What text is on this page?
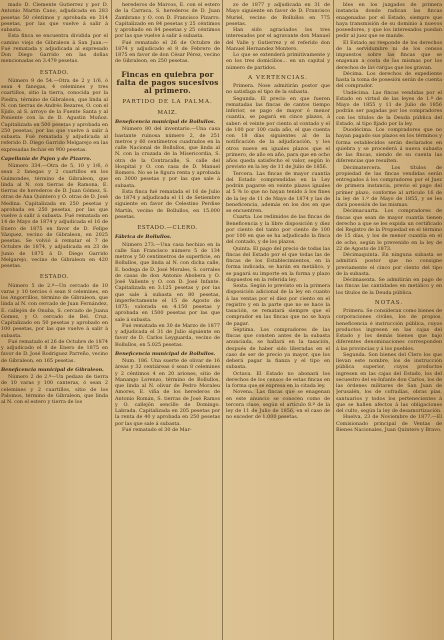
mado D. Clemente Gutierrez y por D. Antonio Martin Cano, adjudicada en 283 pesetas 50 céntimos y aprobada en 314 pesetas, por las que vuelve á salir á subasta.

Esta finca se encuentra dividida por el camino viejo de Gibraleon á San Juan.—Fué rematada y adjudicada al expresado Don Diego Garrido en las doñas mencionadas en 3.479 pesetas.

ESTADO.

Número 9 de 54.—Otra de 2 y 1/6, ó sean 4 fanegas, 4 celemines y tres cuartillos, sitio la tierra, conocida por la Piedra, término de Gibraleon, que linda al N. con tierras de Andrés Bezares, O. con el Ejido, al S. arroyo de la Fuente Santa y al Poniente con la de D. Agustin Muñoz. Capitalizada en 500 pesetas y aprobada en 250 pesetas, por las que vuelve á salir á subasta. Fué rematada y adjudicada al referido D. Diego Garrido Melgarejo en las expresadas fechas en 900 pesetas.

Capellanía de Pajon y de Pizarro.

Número 334.—Otra de 5, 10 y 1/6, ó sean 2 fanegas y 2 cuartillos en los Guimondes, término de Gibraleon, que linda al N. con tierras de Ramona, E. tierras de herederos de D. Juan Gómez, S. otras de Ana Quintero y O. otras de D. José Medina. Capitalizada en 250 pesetas y aprobada en 250 pesetas, por las que vuelve á salir á subasta. Fué rematada en 14 de Mayo de 1874 y adjudicada el 16 de Enero de 1875 en favor de D. Felipe Vázquez, vecino de Gibraleon, en 2025 pesetas. Se volvió á rematar el 7 de Octubre de 1874, y adjudicada en 23 de Junio de 1875 á D. Diego Garrido Melgarejo, vecino de Gibraleon en 420 pesetas.

ESTADO.

Número 5 de 2.º—Un cercado de 10 varas y 10 tercios ó sean 8 celemines, en los Angorrillos, término de Gibraleon, que linda al N. con cercado de Juan Fernández, E. callejón de Onuba, S. cercado de Juana Gomez, y O. cercado de Bel. Cruz. Capitalizado en 50 pesetas y aprobado en 100 pesetas, por las que vuelve á salir á subasta.

Fué rematado el 26 de Octubre de 1874 y adjudicado el 8 de Enero de 1875 en favor de D. José Rodriguez Parreño, vecino de Gibraleon, en 165 pesetas.

Beneficencia municipal de Gibraleon.

Número 2 de 2.º—Un pedazo de tierra de 10 varas y 100 canteras, ó sean 2 celemines y 2 cuartillos, sitio de los Palomos, término de Gibraleon, que linda al N. con el estero y tierra de los

herederos de Marcos, E. con el estero de la Carraca, S. herederos de D. Juan Zambrano y O. con D. Francisco Pizarro. Capitalizado en 84 pesetas y 25 céntimos y aprobado en 84 pesetas y 25 céntimos por las que vuelve á salir á subasta.

Fué rematado el 26 de Octubre de 1874 y adjudicado el 8 de Febrero de 1875 en favor de don César Pérez, vecino de Gibraleon, en 250 pesetas.

Fincas en quiebra por falta de pagos sucesivos al primero.

PARTIDO DE LA PALMA.

MAIZ.

Beneficencia municipal de Bollullos.

Número 80 del inventario.—Una casa bastante ruinosa número 2, de 251 metros y 60 centímetros cuadrados en la calle Nacional de Bollullos, que linda al N. con la cruzada de la Misericordia, S. otra de la Contracalle, S. calle del Hospital y O. con casa de D. Manuel Romero. No se le figura renta y aprobada en 3000 pesetas y por las que sale á subasta.

Esta finca fué rematada el 16 de Julio de 1874 y adjudicada el 11 de Setiembre siguiente en favor de Celestino Perdise Martín, vecino de Bollullos, en 15.000 pesetas.

ESTADO.—CLERO.

Fábrica de Bollullos.

Número 273.—Una casa hechizo en la calle San Francisco número 5 de 134 metros y 50 centímetros de superficie, en Bollullos, que linda al N. con dicha calle, E. bodega de D. José Morales, S. corrales de casas de don Antonio Abobera y O. José Valiente y O. con D. José Infante. Capitalizada en 3.125 pesetas y por las que sale á subasta en 80 pesetas, imperfectamente el 15 de Agosto de 1875; valorada en 4.150 pesetas y aprobada en 1500 pesetas por las que sale á subasta.

Fué rematada en 30 de Marzo de 1877 y adjudicada el 31 de Julio siguiente en favor de D. Carlos Leyguarda, vecino de Bollullos, en 5.025 pesetas.

Beneficencia municipal de Bollullos.

Num. 186. Una suerte de olivar de 16 áreas y 32 centiáreas ó sean 8 celemines y 2 céntimos 4 en 20 ariones, sitio de Manango Lorenzo, término de Bollullos, que linda al N. olivar de Pedro Moraleu Amores, E. viña de los herederos de Antonio Román, S. tierras de José Ramos y O. callejón sencillo de Domingo. Labrada. Capitalizada en 205 pesetas por la renta de 40 y aprobada en 250 pesetas por las que sale á subasta.

Fué rematado el 30 de Mar-

zo de 1877 y adjudicada en 31 de Mayo siguiente en favor de D. Francisco Muriel, vecino de Bollullos en 775 pesetas.

Han sido agraciados los tres interesados por el agravante don Manuel del Valle y Gutierrez y el referido don Manuel Hernandez Montero.

Lo que se extenderá primitivamente y en los tres domicilios... en un capital y número de partidos.

A VERTENCIAS.

Primera. Nose admitirán postor que no satisfaga el tipo de la subasta.

Segunda. El precio en que fueren rematadas las fincas de cantos tiempo inferior, se pago de mayor ó menor cuantía, se pagará en cinco plazos, á saber: el veinte por ciento al contado y el de 100 por 100 cada año, el que cuenta con 18 días siguientes al de la notificación de la adjudicación, y los otros nueve en iguales plazos que el primero, de año en año, para que en ocho años queda satisfecho el valor, según lo previsto en la ley de 11 de Julio de 1856.

Tercera. Las fincas de mayor cuantía del Estado comprendidas en la Ley podrán pagarse en veinte plazos iguales al 5 % lo que no hayan tenido á los fines de la ley de 11 de Mayo de 1874 y las de beneficencia, además en los dos en que se encuentren.

Cuarta. Los redimidos de las fincas de Beneficencia y la libre disposición y diez por ciento del tanto por ciento de 100 por 100 en que se ha adjudicado la finca del contado, y de los plazos.

Quinta. El pago del precio de todas las fincas del Estado por el que todas las de fincas de los Establecimientos, en la forma indicada, se harán en metálico, y se pagará su importe en la forma y plazo dispuestos en la referida ley.

Sexta. Según lo previsto en la primera disposición adicional de la ley en cuanto á las ventas por el diez por ciento en el registro y en la parte que no se hace la tasación, se rematará siempre que el comprador en las fincas que no se haya de pagar.

Séptima. Los compradores de las fincas que consten antes de la subasta anunciada, se hallará en la tasación, después de haber sido liberadas en el caso de ser de precio ya mayor, que los deberá pagar la fianza y el tipo en subasta.

Octava. El Estado no abonará los derechos de los censos de estas fincas en la forma que se expresa en la citada ley.

Novena. Las fincas que se enagenan en este anuncio se conocen como de tercera clase, según el artículo 8.º de la ley de 11 de Julio de 1856, en el caso de no exceder de 1.000 pesetas.

bles en los juzgados de primera instancia donde radican las fincas enagenadas por el Estado, siempre que haya transmisión de su dominio á nuevos poseedores, y que los interesados puedan pedir al juez que se mande.

El Estado no responde de los derechos de la servidumbre ni de los censos impuestos sobre las fincas que se enajenan a costa de las mismas por los derechos de las cargas que los gravan.

Décima. Los derechos de expediente hasta la toma de posesión serán de cuenta del comprador.

Undécima. Las fincas vendidas por el Estado en virtud de las leyes de 1.º de Mayo de 1855 y 11 de Julio de 1856 podrán ser pagadas por los compradores con los títulos de la Deuda pública del Estado, al tipo fijado por la ley.

Duodécima. Los compradores que no hayan pagado sus plazos en los términos y forma establecidos serán declarados en quiebra y se procederá á nueva subasta de las fincas, siendo de su cuenta las diferencias que resulten.

Décimatercera. Los títulos de propiedad de las fincas vendidas serán entregados á los compradores por el Juez de primera instancia, previo el pago del primer plazo, conforme al artículo 16 de la ley de 1.º de Mayo de 1855, y se les dará posesión de las mismas.

Décimacuarta. Los compradores de fincas que sean de mayor cuantía tienen derecho a que se les expida un certificado del Registro de la Propiedad en el término de 15 días, y los de menor cuantía en el de ocho, según lo prevenido en la ley de 22 de Agosto de 1873.

Décimaquinta. En ninguna subasta se admitirá postor que no consigne previamente el cinco por ciento del tipo de la subasta.

Décimasexta. Se admitirán en pago de las fincas las cantidades en metálico y en los títulos de la Deuda pública.

NOTAS.

Primera. Se consideran como bienes de corporaciones civiles, los de propios, beneficencia é instrucción pública, cuyos productos ingresen en las cajas del Estado y los demás bienes que bajo diferentes denominaciones corresponden á las provincias y á los pueblos.

Segunda. Son bienes del Clero los que llevan este nombre, los de instrucción pública superior, cuyos productos ingresen en las cajas del Estado, los del secuestro del ex-Infante don Carlos, los de las órdenes militares de San Juan de Jerusalén, los de cofradías, obras pías, santuarios y todos los pertenecientes á que se hallen afectos á las obligaciones del culto, según la ley de desamortización.

Huelva, 23 de Noviembre de 1877.—El Comisionado principal de Ventas de Bienes Nacionales, Juan Quintero y Bravo.
